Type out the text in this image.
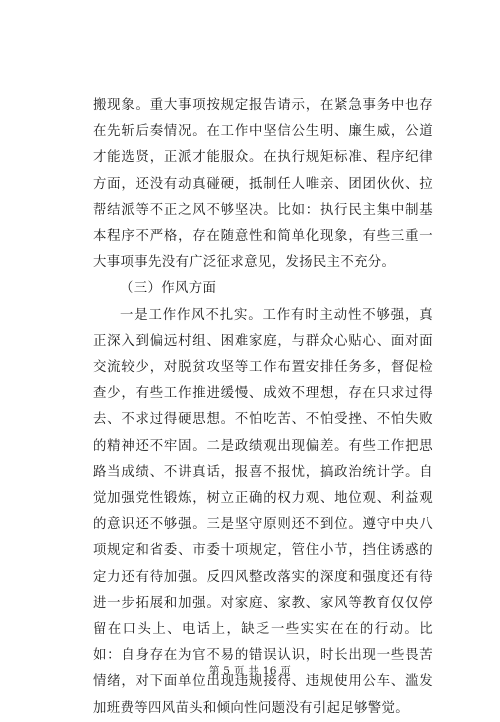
搬现象。重大事项按规定报告请示，在紧急事务中也存在先斩后奏情况。在工作中坚信公生明、廉生威，公道才能选贤，正派才能服众。在执行规矩标准、程序纪律方面，还没有动真碰硬，抵制任人唯亲、团团伙伙、拉帮结派等不正之风不够坚决。比如：执行民主集中制基本程序不严格，存在随意性和简单化现象，有些三重一大事项事先没有广泛征求意见，发扬民主不充分。

（三）作风方面

一是工作作风不扎实。工作有时主动性不够强，真正深入到偏远村组、困难家庭，与群众心贴心、面对面交流较少，对脱贫攻坚等工作布置安排任务多，督促检查少，有些工作推进缓慢、成效不理想，存在只求过得去、不求过得硬思想。不怕吃苦、不怕受挫、不怕失败的精神还不牢固。二是政绩观出现偏差。有些工作把思路当成绩、不讲真话，报喜不报忧，搞政治统计学。自觉加强党性锻炼，树立正确的权力观、地位观、利益观的意识还不够强。三是坚守原则还不到位。遵守中央八项规定和省委、市委十项规定，管住小节，挡住诱惑的定力还有待加强。反四风整改落实的深度和强度还有待进一步拓展和加强。对家庭、家教、家风等教育仅仅停留在口头上、电话上，缺乏一些实实在在的行动。比如：自身存在为官不易的错误认识，时长出现一些畏苦情绪，对下面单位出现违规接待、违规使用公车、滥发加班费等四风苗头和倾向性问题没有引起足够警觉。

第 5 页 共 16 页
